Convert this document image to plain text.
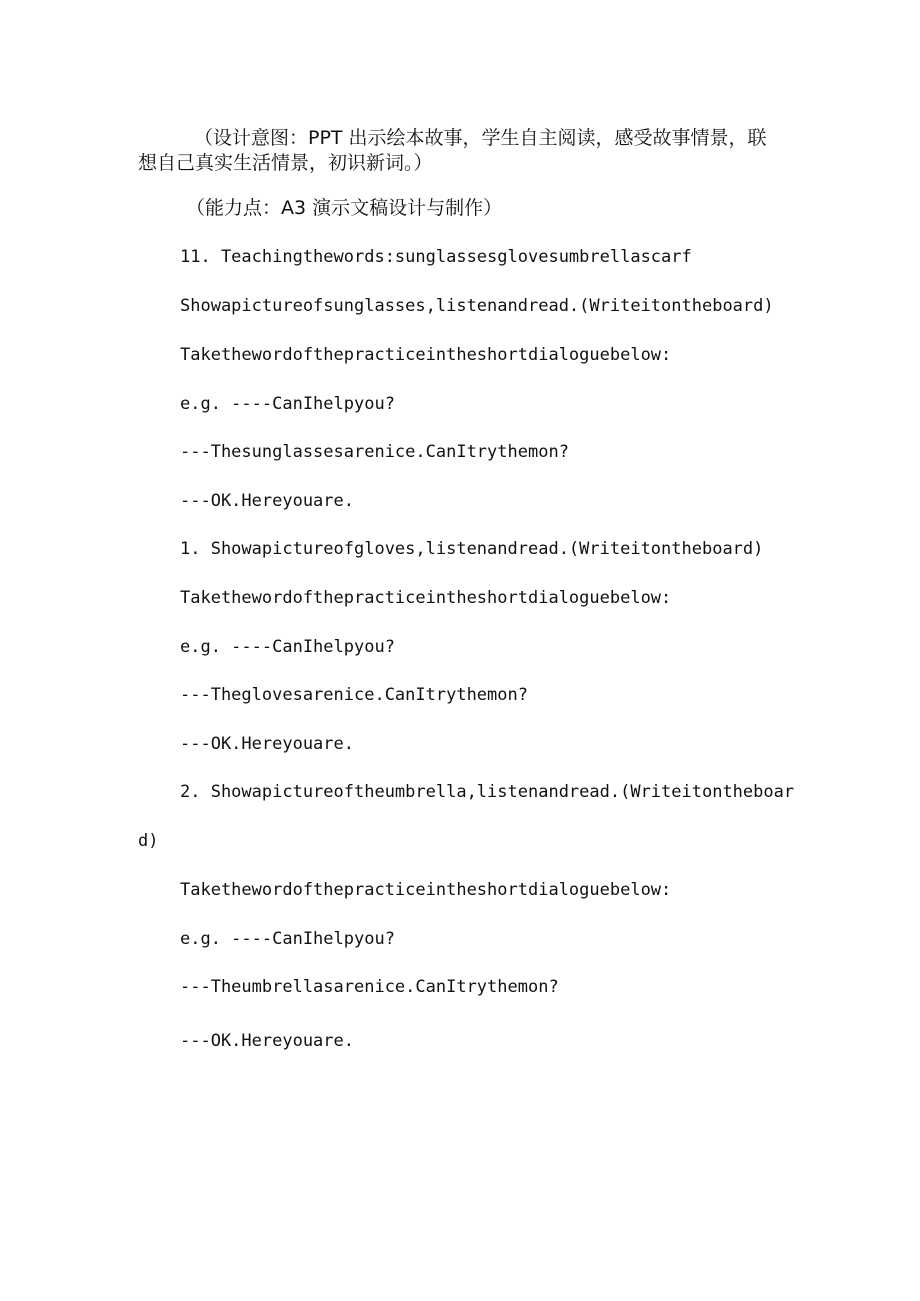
（设计意图：PPT 出示绘本故事，学生自主阅读，感受故事情景，联
想自己真实生活情景，初识新词。）
（能力点：A3 演示文稿设计与制作）
11. Teachingthewords:sunglassesglovesumbrellascarf
Showapictureofsunglasses,listenandread.(Writeitontheboard)
Takethewordofthepracticeintheshortdialoguebelow:
e.g. ----CanIhelpyou?
---Thesunglassesarenice.CanItrythemon?
---OK.Hereyouare.
1. Showapictureofgloves,listenandread.(Writeitontheboard)
Takethewordofthepracticeintheshortdialoguebelow:
e.g. ----CanIhelpyou?
---Theglovesarenice.CanItrythemon?
---OK.Hereyouare.
2. Showapictureoftheumbrella,listenandread.(Writeitontheboar
d)
Takethewordofthepracticeintheshortdialoguebelow:
e.g. ----CanIhelpyou?
---Theumbrellasarenice.CanItrythemon?
---OK.Hereyouare.
